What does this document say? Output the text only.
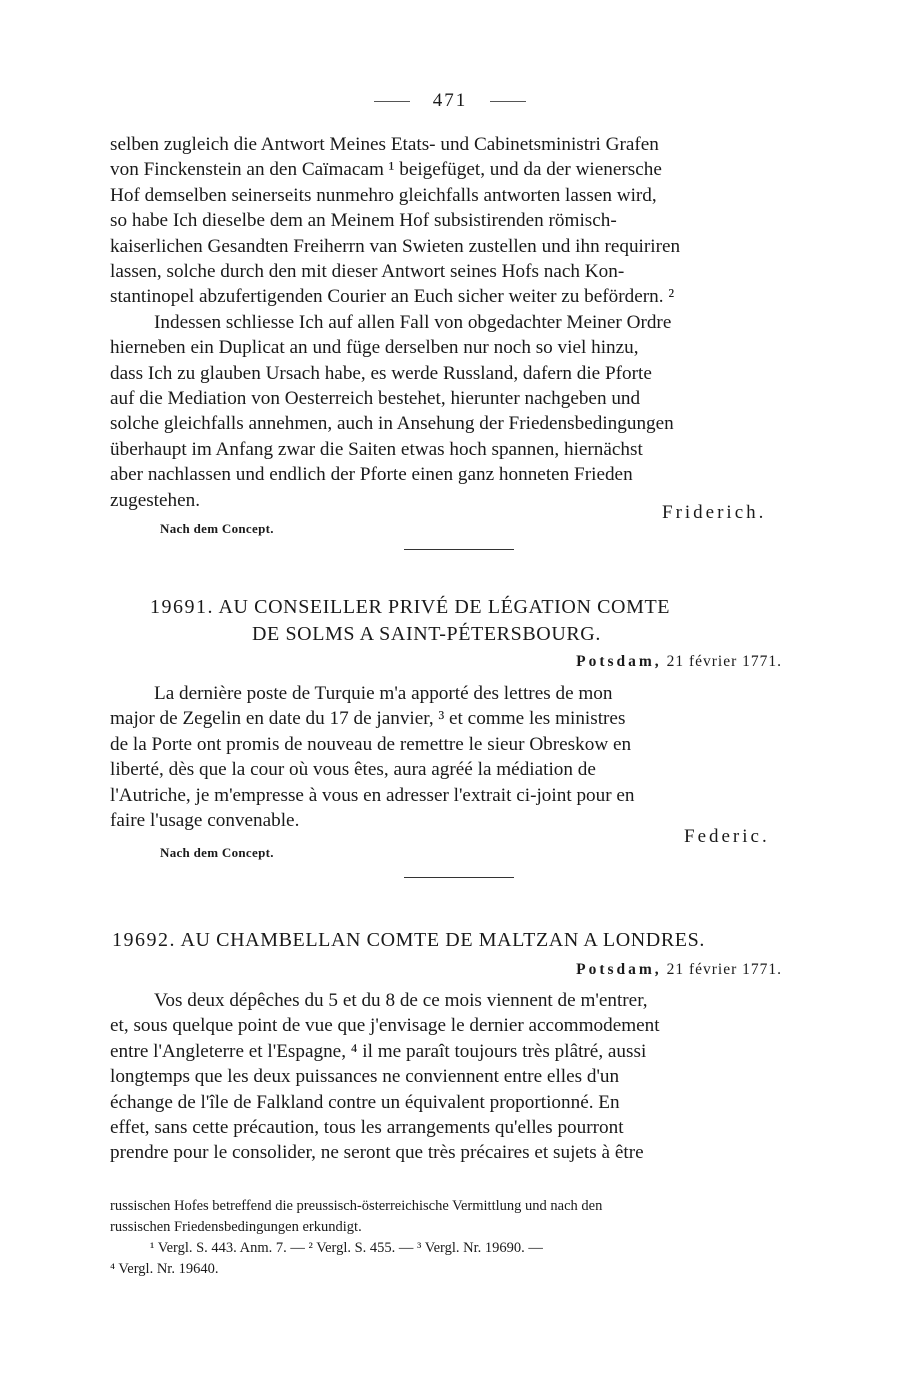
471

selben zugleich die Antwort Meines Etats- und Cabinetsministri Grafen

von Finckenstein an den Caïmacam ¹ beigefüget, und da der wienersche

Hof demselben seinerseits nunmehro gleichfalls antworten lassen wird,

so habe Ich dieselbe dem an Meinem Hof subsistirenden römisch-

kaiserlichen Gesandten Freiherrn van Swieten zustellen und ihn requiriren

lassen, solche durch den mit dieser Antwort seines Hofs nach Kon-

stantinopel abzufertigenden Courier an Euch sicher weiter zu befördern. ²

Indessen schliesse Ich auf allen Fall von obgedachter Meiner Ordre

hierneben ein Duplicat an und füge derselben nur noch so viel hinzu,

dass Ich zu glauben Ursach habe, es werde Russland, dafern die Pforte

auf die Mediation von Oesterreich bestehet, hierunter nachgeben und

solche gleichfalls annehmen, auch in Ansehung der Friedensbedingungen

überhaupt im Anfang zwar die Saiten etwas hoch spannen, hiernächst

aber nachlassen und endlich der Pforte einen ganz honneten Frieden

zugestehen.

Friderich.
Nach dem Concept.
19691. AU CONSEILLER PRIVÉ DE LÉGATION COMTE
DE SOLMS A SAINT-PÉTERSBOURG.
Potsdam, 21 février 1771.

La dernière poste de Turquie m'a apporté des lettres de mon

major de Zegelin en date du 17 de janvier, ³ et comme les ministres

de la Porte ont promis de nouveau de remettre le sieur Obreskow en

liberté, dès que la cour où vous êtes, aura agréé la médiation de

l'Autriche, je m'empresse à vous en adresser l'extrait ci-joint pour en

faire l'usage convenable.

Federic.
Nach dem Concept.
19692. AU CHAMBELLAN COMTE DE MALTZAN A LONDRES.
Potsdam, 21 février 1771.

Vos deux dépêches du 5 et du 8 de ce mois viennent de m'entrer,

et, sous quelque point de vue que j'envisage le dernier accommodement

entre l'Angleterre et l'Espagne, ⁴ il me paraît toujours très plâtré, aussi

longtemps que les deux puissances ne conviennent entre elles d'un

échange de l'île de Falkland contre un équivalent proportionné. En

effet, sans cette précaution, tous les arrangements qu'elles pourront

prendre pour le consolider, ne seront que très précaires et sujets à être

russischen Hofes betreffend die preussisch-österreichische Vermittlung und nach den

russischen Friedensbedingungen erkundigt.

¹ Vergl. S. 443. Anm. 7. — ² Vergl. S. 455. — ³ Vergl. Nr. 19690. —

⁴ Vergl. Nr. 19640.
